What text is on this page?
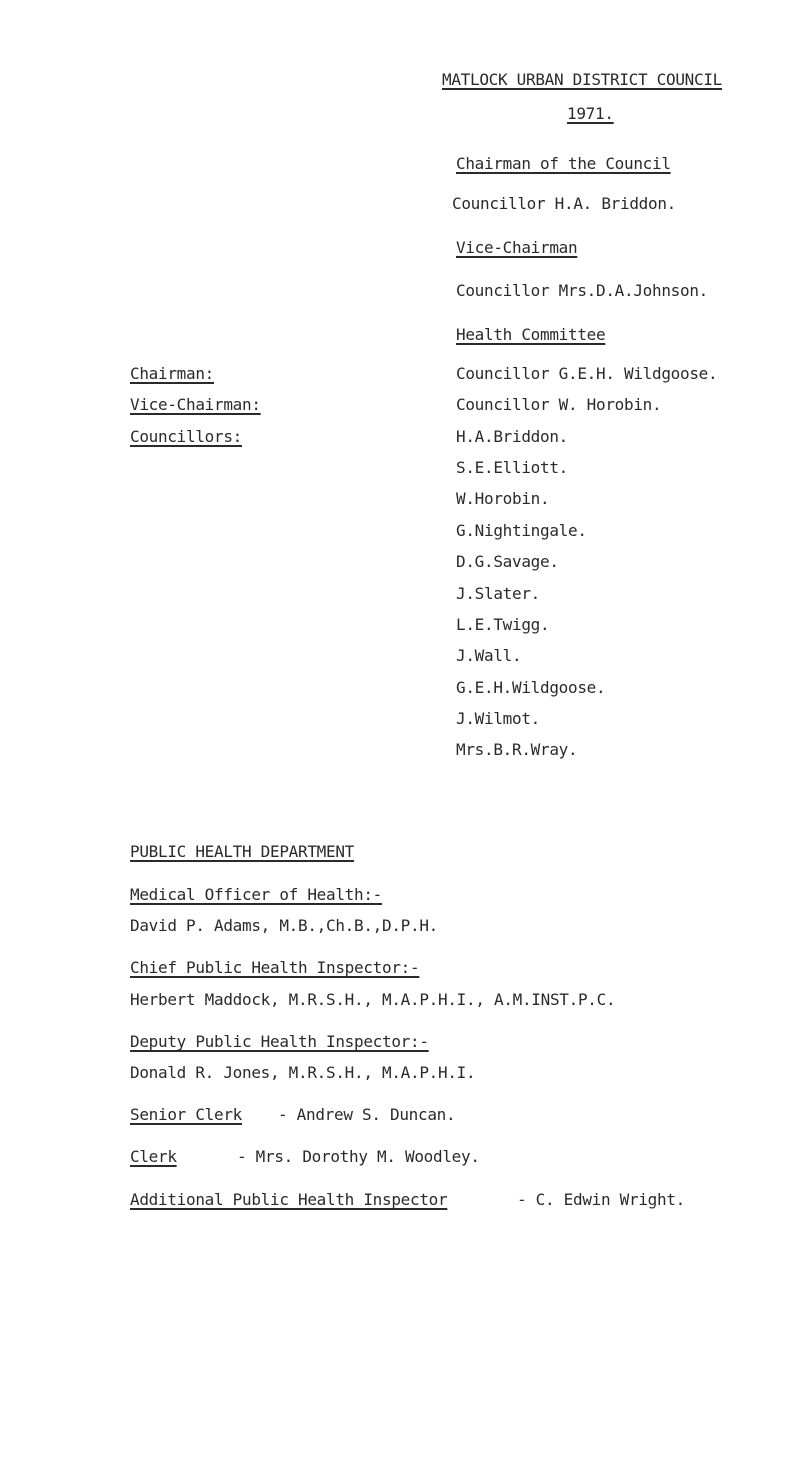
MATLOCK URBAN DISTRICT COUNCIL
1971.
Chairman of the Council
Councillor H.A. Briddon.
Vice-Chairman
Councillor Mrs.D.A.Johnson.
Health Committee
Chairman:	Councillor G.E.H. Wildgoose.
Vice-Chairman:	Councillor W. Horobin.
Councillors:	H.A.Briddon.
S.E.Elliott.
W.Horobin.
G.Nightingale.
D.G.Savage.
J.Slater.
L.E.Twigg.
J.Wall.
G.E.H.Wildgoose.
J.Wilmot.
Mrs.B.R.Wray.
PUBLIC HEALTH DEPARTMENT
Medical Officer of Health:-
David P. Adams, M.B.,Ch.B.,D.P.H.
Chief Public Health Inspector:-
Herbert Maddock, M.R.S.H., M.A.P.H.I., A.M.INST.P.C.
Deputy Public Health Inspector:-
Donald R. Jones, M.R.S.H., M.A.P.H.I.
Senior Clerk - Andrew S. Duncan.
Clerk	- Mrs. Dorothy M. Woodley.
Additional Public Health Inspector	- C. Edwin Wright.
